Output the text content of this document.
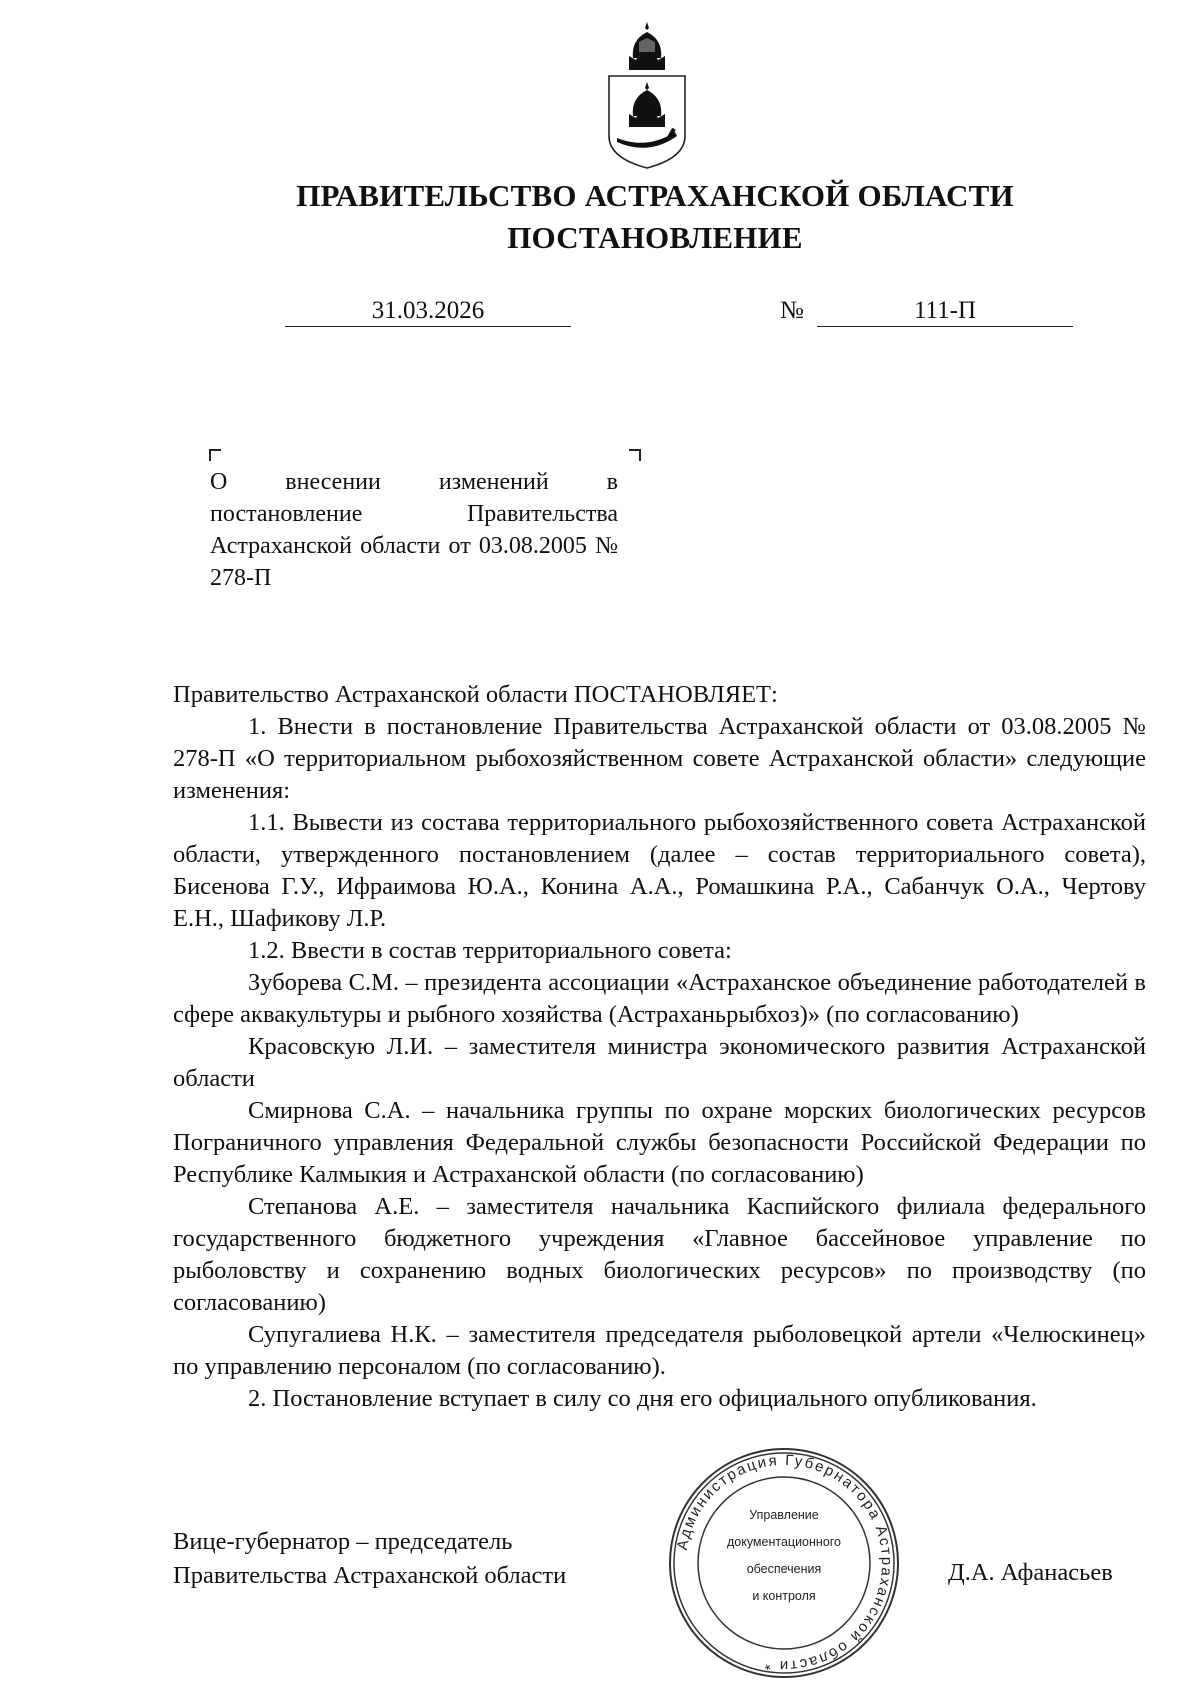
ПРАВИТЕЛЬСТВО АСТРАХАНСКОЙ ОБЛАСТИ
ПОСТАНОВЛЕНИЕ
31.03.2026	№	111-П
О внесении изменений в постановление Правительства Астраханской области от 03.08.2005 № 278-П

Правительство Астраханской области ПОСТАНОВЛЯЕТ:

1. Внести в постановление Правительства Астраханской области от 03.08.2005 № 278-П «О территориальном рыбохозяйственном совете Астраханской области» следующие изменения:

1.1. Вывести из состава территориального рыбохозяйственного совета Астраханской области, утвержденного постановлением (далее – состав территориального совета), Бисенова Г.У., Ифраимова Ю.А., Конина А.А., Ромашкина Р.А., Сабанчук О.А., Чертову Е.Н., Шафикову Л.Р.

1.2. Ввести в состав территориального совета:

Зуборева С.М. – президента ассоциации «Астраханское объединение работодателей в сфере аквакультуры и рыбного хозяйства (Астраханьрыбхоз)» (по согласованию)

Красовскую Л.И. – заместителя министра экономического развития Астраханской области

Смирнова С.А. – начальника группы по охране морских биологических ресурсов Пограничного управления Федеральной службы безопасности Российской Федерации по Республике Калмыкия и Астраханской области (по согласованию)

Степанова А.Е. – заместителя начальника Каспийского филиала федерального государственного бюджетного учреждения «Главное бассейновое управление по рыболовству и сохранению водных биологических ресурсов» по производству (по согласованию)

Супугалиева Н.К. – заместителя председателя рыболовецкой артели «Челюскинец» по управлению персоналом (по согласованию).

2. Постановление вступает в силу со дня его официального опубликования.

Вице-губернатор – председатель
Правительства Астраханской области	Д.А. Афанасьев
Администрация Губернатора Астраханской области *
Управление
документационного
обеспечения
и контроля
